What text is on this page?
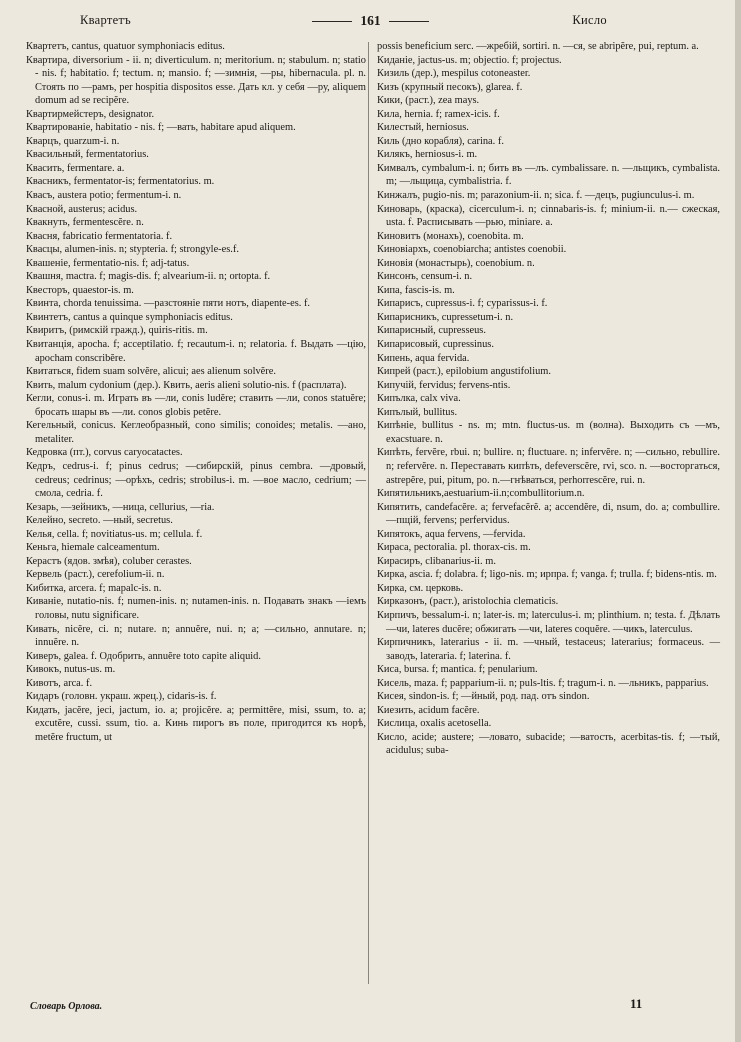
Квартетъ	161	Кисло

Квартетъ, cantus, quatuor symphoniacis editus.

Квартира, diversorium - ii. n; diverticulum. n; meritorium. n; stabulum. n; statio - nis. f; habitatio. f; tectum. n; mansio. f; —зимнія, —ры, hibernacula. pl. n. Стоять по —рамъ, per hospitia dispositos esse. Дать кл. у себя —ру, aliquem domum ad se recipĕre.

Квартирмейстеръ, designator.

Квартированіе, habitatio - nis. f; —вать, habitare apud aliquem.

Кварцъ, quarzum-i. n.

Квасильный, fermentatorius.

Квасить, fermentare. a.

Квасникъ, fermentator-is; fermentatorius. m.

Квасъ, austera potio; fermentum-i. n.

Квасной, austerus; acidus.

Квакнуть, fermentescĕre. n.

Квасня, fabricatio fermentatoria. f.

Квасцы, alumen-inis. n; stypteria. f; strongyle-es.f.

Квашеніе, fermentatio-nis. f; adj-tatus.

Квашня, mactra. f; magis-dis. f; alvearium-ii. n; ortopta. f.

Квесторъ, quaestor-is. m.

Квинта, chorda tenuissima. —разстояніе пяти нотъ, diapente-es. f.

Квинтетъ, cantus a quinque symphoniacis editus.

Квиритъ, (римскій гражд.), quiris-ritis. m.

Квитанція, apocha. f; acceptilatio. f; recautum-i. n; relatoria. f. Выдать —цію, apocham conscribĕre.

Квитаться, fidem suam solvĕre, alicui; aes alienum solvĕre.

Квить, malum cydonium (дер.). Квить, aeris alieni solutio-nis. f (расплата).

Кегли, conus-i. m. Играть въ —ли, conis ludĕre; ставить —ли, conos statuĕre; бросать шары въ —ли. conos globis petĕre.

Кегельный, conicus. Кеглеобразный, cono similis; conoides; metalis. —ано, metaliter.

Кедровка (пт.), corvus caryocatactes.

Кедръ, cedrus-i. f; pinus cedrus; —сибирскій, pinus cembra. —дровый, cedreus; cedrinus; —орѣхъ, cedris; strobilus-i. m. —вое масло, cedrium; —смола, cedria. f.

Кезарь, —зейникъ, —ница, cellurius, —ria.

Келейно, secreto. —ный, secretus.

Келья, cella. f; novitiatus-us. m; cellula. f.

Кеньга, hiemale calceamentum.

Керастъ (ядов. змѣя), coluber cerastes.

Кервель (раст.), cerefolium-ii. n.

Кибитка, arcera. f; mapalc-is. n.

Киваніе, nutatio-nis. f; numen-inis. n; nutamen-inis. n. Подавать знакъ —іемъ головы, nutu significare.

Кивать, nicĕre, ci. n; nutare. n; annuĕre, nui. n; a; —сильно, annutare. n; innuĕre. n.

Киверъ, galea. f. Одобрить, annuĕre toto capite aliquid.

Кивокъ, nutus-us. m.

Кивотъ, arca. f.

Кидаръ (головн. украш. жрец.), cidaris-is. f.

Кидать, jacĕre, jeci, jactum, io. a; projicĕre. a; permittĕre, misi, ssum, to. a; excutĕre, cussi. ssum, tio. a. Кинь пирогъ въ поле, пригодится къ норѣ, metĕre fructum, ut

possis beneficium serc. —жребій, sortiri. n. —ся, se abripĕre, pui, reptum. a.

Киданіе, jactus-us. m; objectio. f; projectus.

Кизиль (дер.), mespilus cotoneaster.

Кизъ (крупный песокъ), glarea. f.

Кики, (раст.), zea mays.

Кила, hernia. f; ramex-icis. f.

Килестый, herniosus.

Киль (дно корабля), carina. f.

Килякъ, herniosus-i. m.

Кимвалъ, cymbalum-i. n; бить въ —лъ. cymbalissare. n. —льщикъ, cymbalista. m; —льщица, cymbalistria. f.

Кинжалъ, pugio-nis. m; parazonium-ii. n; sica. f. —децъ, pugiunculus-i. m.

Киноварь, (краска), cicerculum-i. n; cinnabaris-is. f; minium-ii. n.— сжеская, usta. f. Расписывать —рью, miniare. a.

Киновитъ (монахъ), coenobita. m.

Киновіархъ, coenobiarcha; antistes coenobii.

Киновія (монастырь), coenobium. n.

Кинсонъ, censum-i. n.

Кипа, fascis-is. m.

Кипарисъ, cupressus-i. f; cyparissus-i. f.

Кипарисникъ, cupressetum-i. n.

Кипарисный, cupresseus.

Кипарисовый, cupressinus.

Кипень, aqua fervida.

Кипрей (раст.), epilobium angustifolium.

Кипучій, fervidus; fervens-ntis.

Кипълка, calx viva.

Кипълый, bullitus.

Кипѣніе, bullitus - ns. m; mtn. fluctus-us. m (волна). Выходить съ —мъ, exacstuare. n.

Кипѣть, fervĕre, rbui. n; bullire. n; fluctuare. n; infervĕre. n; —сильно, rebullire. n; refervĕre. n. Переставать кипѣть, defeverscĕre, rvi, sco. n. —восторгаться, astrepĕre, pui, pitum, po. n.—гнѣваться, perhorrescĕre, rui. n.

Кипятильникъ,aestuarium-ii.n;combullitorium.n.

Кипятить, candefacĕre. a; fervefacĕrĕ. a; accendĕre, di, nsum, do. a; combullire. —пщій, fervens; perfervidus.

Кипятокъ, aqua fervens, —fervida.

Кираса, pectoralia. pl. thorax-cis. m.

Кирасиръ, clibanarius-ii. m.

Кирка, ascia. f; dolabra. f; ligo-nis. m; ирпра. f; vanga. f; trulla. f; bidens-ntis. m.

Кирка, см. церковь.

Кирказонъ, (раст.), aristolochia clematicis.

Кирпичъ, bessalum-i. n; later-is. m; laterculus-i. m; plinthium. n; testa. f. Дѣлать —чи, lateres ducĕre; обжигать —чи, lateres coquĕre. —чикъ, laterculus.

Кирпичникъ, laterarius - ii. m. —чный, testaceus; laterarius; formaceus. —заводъ, lateraria. f; laterina. f.

Киса, bursa. f; mantica. f; penularium.

Кисель, maza. f; papparium-ii. n; puls-ltis. f; tragum-i. n. —льникъ, papparius.

Кисея, sindon-is. f; —йный, род. пад. отъ sindon.

Киезить, acidum facĕre.

Кислица, oxalis acetosella.

Кисло, acide; austere; —ловато, subacide; —ватость, acerbitas-tis. f; —тый, acidulus; suba-

Словарь Орлова.	11
